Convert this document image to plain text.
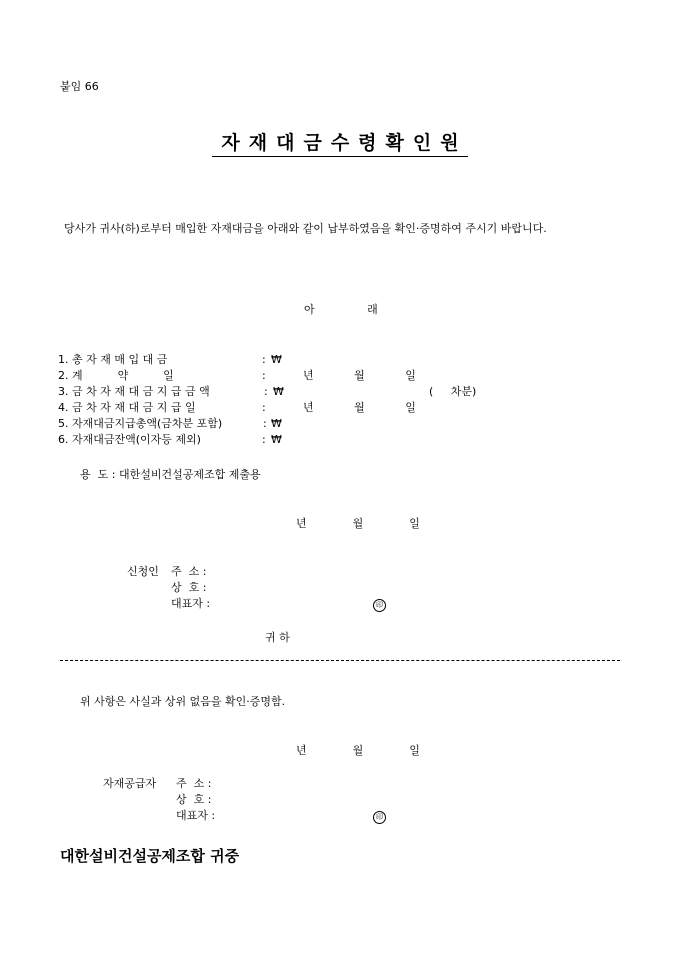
붙임 66
자재대금수령확인원
당사가 귀사(하)로부터 매입한 자재대금을 아래와 같이 납부하였음을 확인·증명하여 주시기 바랍니다.
아   래
1. 총 자 재 매 입 대 금	: ₩
2. 계          약          일	:	년   월   일
3. 금 차 자 재 대 금 지 급 금 액	: ₩	(     차분)
4. 금 차 자 재 대 금 지 급 일	:	년   월   일
5. 자재대금지급총액(금차분 포함)	: ₩
6. 자재대금잔액(이자등 제외)	: ₩
용  도 : 대한설비건설공제조합 제출용
년    월    일
신청인 주  소 :
상  호 :
대표자 :	印
귀 하
위 사항은 사실과 상위 없음을 확인·증명함.
년    월    일
자재공급자 주  소 :
상  호 :
대표자 :	印
대한설비건설공제조합 귀중
